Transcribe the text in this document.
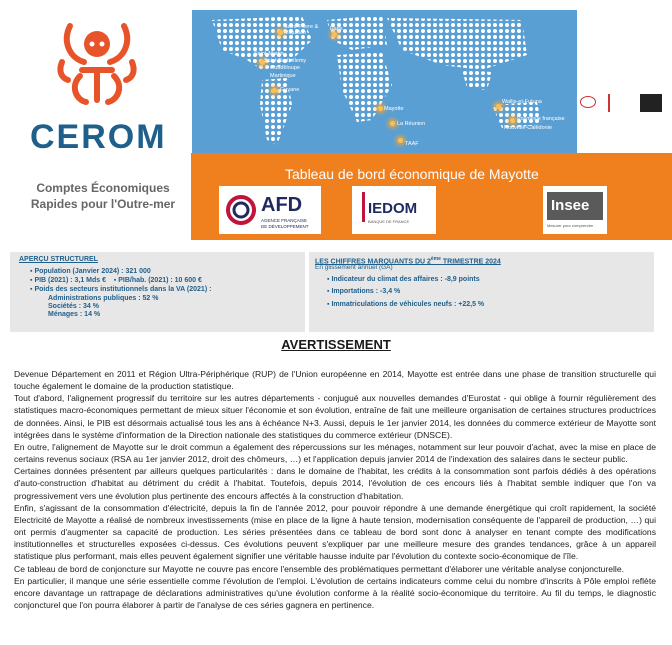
CEROM
Comptes Économiques
Rapides pour l'Outre-mer
Saint-Pierre &
Miquelon
Paris
Saint-Martin
Saint-Barthélemy
Guadeloupe
Martinique
Guyane
Mayotte
La Réunion
TAAF
Wallis-et-Futuna
Polynésie française
Nouvelle-Calédonie
Tableau de bord économique de Mayotte
AFD
AGENCE FRANÇAISE
DE DÉVELOPPEMENT
IEDOM
BANQUE DE FRANCE
Insee
Mesurer pour comprendre
APERÇU STRUCTUREL
▪ Population (Janvier 2024) : 321 000
▪ PIB (2021) : 3,1 Mds €    ▪ PIB/hab. (2021) : 10 600 €
▪ Poids des secteurs institutionnels dans la VA (2021) :
Administrations publiques : 52 %
Sociétés : 34 %
Ménages : 14 %
LES CHIFFRES MARQUANTS DU 2ème TRIMESTRE 2024
En glissement annuel (GA)
▪ Indicateur du climat des affaires : -8,9 points
▪ Importations : -3,4 %
▪ Immatriculations de véhicules neufs : +22,5 %
AVERTISSEMENT

Devenue Département en 2011 et Région Ultra-Périphérique (RUP) de l'Union européenne en 2014, Mayotte est entrée dans une phase de transition structurelle qui touche également le domaine de la production statistique.

Tout d'abord, l'alignement progressif du territoire sur les autres départements - conjugué aux nouvelles demandes d'Eurostat - qui oblige à fournir régulièrement des statistiques macro-économiques permettant de mieux situer l'économie et son évolution, entraîne de fait une meilleure organisation de certaines structures productrices de données. Ainsi, le PIB est désormais actualisé tous les ans à échéance N+3. Aussi, depuis le 1er janvier 2014, les données du commerce extérieur de Mayotte sont intégrées dans le système d'information de la Direction nationale des statistiques du commerce extérieur (DNSCE).

En outre, l'alignement de Mayotte sur le droit commun a également des répercussions sur les ménages, notamment sur leur pouvoir d'achat, avec la mise en place de certains revenus sociaux (RSA au 1er janvier 2012, droit des chômeurs, …) et l'application depuis janvier 2014 de l'indexation des salaires dans le secteur public.

Certaines données présentent par ailleurs quelques particularités : dans le domaine de l'habitat, les crédits à la consommation sont parfois dédiés à des opérations d'auto-construction d'habitat au détriment du crédit à l'habitat. Toutefois, depuis 2014, l'évolution de ces encours liés à l'habitat semble indiquer que l'on va progressivement vers une évolution plus pertinente des encours affectés à la construction d'habitation.

Enfin, s'agissant de la consommation d'électricité, depuis la fin de l'année 2012, pour pouvoir répondre à une demande énergétique qui croît rapidement, la société Electricité de Mayotte a réalisé de nombreux investissements (mise en place de la ligne à haute tension, modernisation conséquente de l'appareil de production, …) qui ont permis d'augmenter sa capacité de production. Les séries présentées dans ce tableau de bord sont donc à analyser en tenant compte des modifications institutionnelles et structurelles exposées ci-dessus. Ces évolutions peuvent s'expliquer par une meilleure mesure des grandes tendances, grâce à un appareil statistique plus performant, mais elles peuvent également signifier une véritable hausse induite par l'évolution du contexte socio-économique de l'île.

Ce tableau de bord de conjoncture sur Mayotte ne couvre pas encore l'ensemble des problématiques permettant d'élaborer une véritable analyse conjoncturelle.

En particulier, il manque une série essentielle comme l'évolution de l'emploi. L'évolution de certains indicateurs comme celui du nombre d'inscrits à Pôle emploi reflète encore davantage un rattrapage de déclarations administratives qu'une évolution conforme à la réalité socio-économique du territoire. Au fil du temps, le diagnostic conjoncturel que l'on pourra élaborer à partir de l'analyse de ces séries gagnera en pertinence.
